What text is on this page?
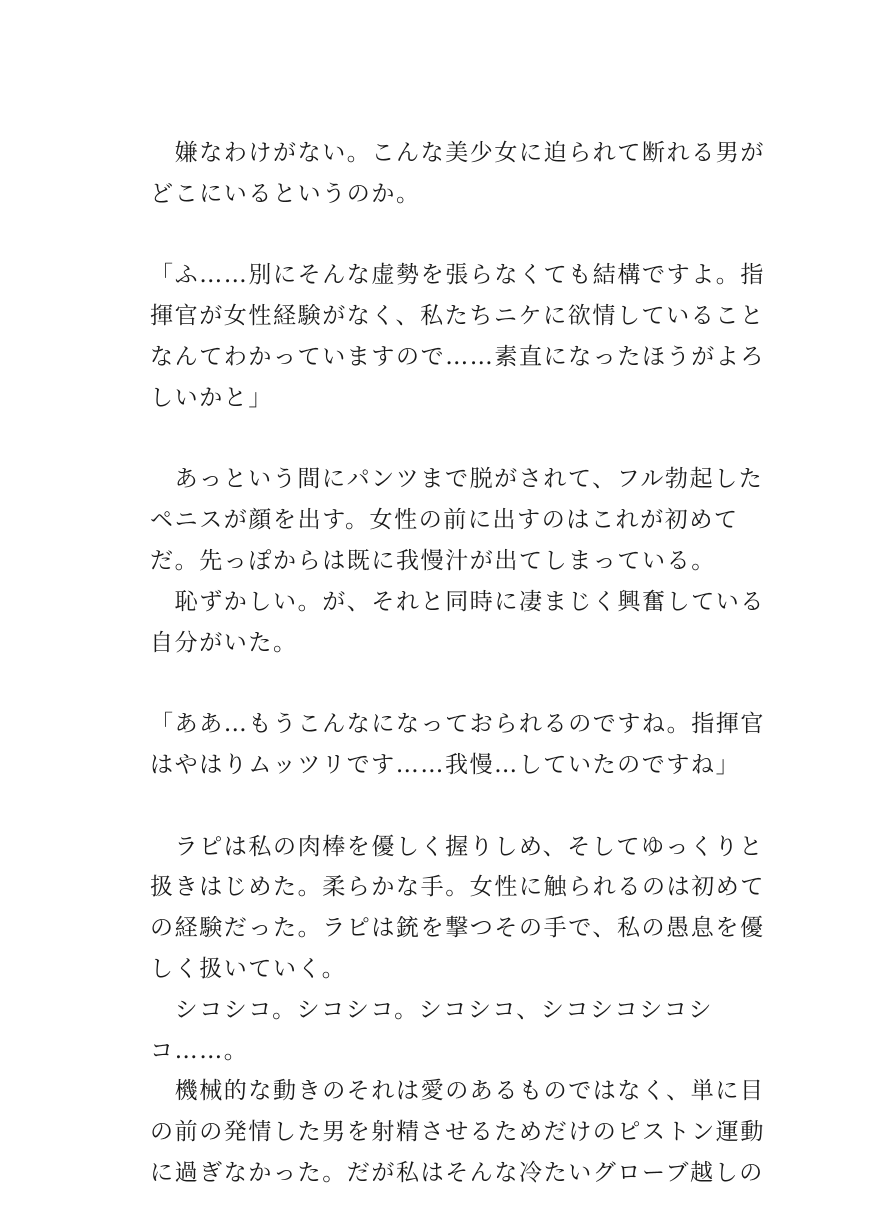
　嫌なわけがない。こんな美少女に迫られて断れる男が
どこにいるというのか。
「ふ……別にそんな虚勢を張らなくても結構ですよ。指
揮官が女性経験がなく、私たちニケに欲情していること
なんてわかっていますので……素直になったほうがよろ
しいかと」
　あっという間にパンツまで脱がされて、フル勃起した
ペニスが顔を出す。女性の前に出すのはこれが初めて
だ。先っぽからは既に我慢汁が出てしまっている。
　恥ずかしい。が、それと同時に凄まじく興奮している
自分がいた。
「ああ…もうこんなになっておられるのですね。指揮官
はやはりムッツリです……我慢…していたのですね」
　ラピは私の肉棒を優しく握りしめ、そしてゆっくりと
扱きはじめた。柔らかな手。女性に触られるのは初めて
の経験だった。ラピは銃を撃つその手で、私の愚息を優
しく扱いていく。
　シコシコ。シコシコ。シコシコ、シコシコシコシ
コ……。
　機械的な動きのそれは愛のあるものではなく、単に目
の前の発情した男を射精させるためだけのピストン運動
に過ぎなかった。だが私はそんな冷たいグローブ越しの
